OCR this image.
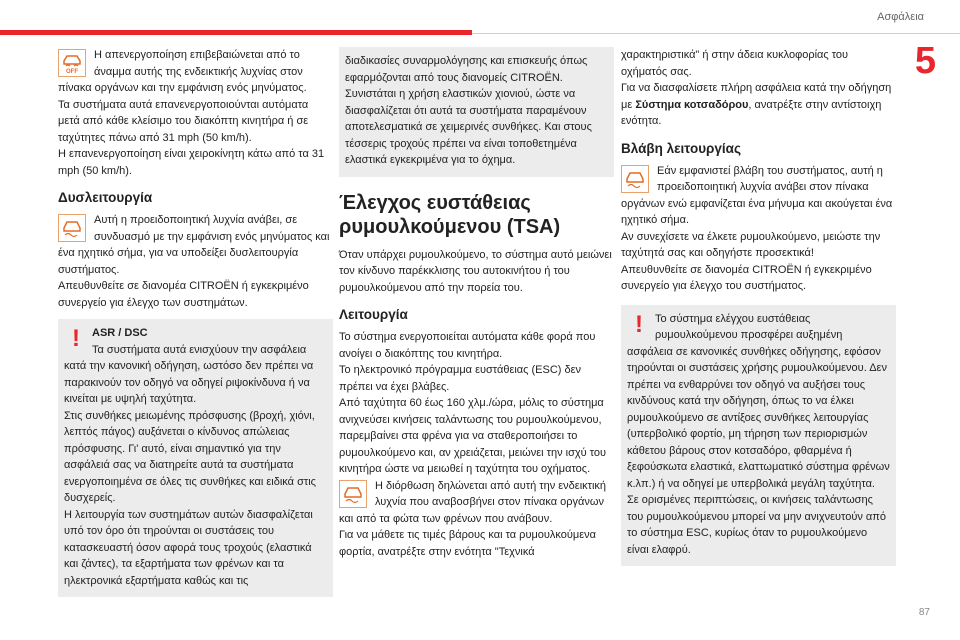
Ασφάλεια
5
87

OFF
Η απενεργοποίηση επιβεβαιώνεται από το άναμμα αυτής της ενδεικτικής λυχνίας στον πίνακα οργάνων και την εμφάνιση ενός μηνύματος.

Τα συστήματα αυτά επανενεργοποιούνται αυτόματα μετά από κάθε κλείσιμο του διακόπτη κινητήρα ή σε ταχύτητες πάνω από 31 mph (50 km/h).

Η επανενεργοποίηση είναι χειροκίνητη κάτω από τα 31 mph (50 km/h).

Δυσλειτουργία

Αυτή η προειδοποιητική λυχνία ανάβει, σε συνδυασμό με την εμφάνιση ενός μηνύματος και ένα ηχητικό σήμα, για να υποδείξει δυσλειτουργία συστήματος.

Απευθυνθείτε σε διανομέα CITROËN ή εγκεκριμένο συνεργείο για έλεγχο των συστημάτων.

!	ASR / DSC

Τα συστήματα αυτά ενισχύουν την ασφάλεια κατά την κανονική οδήγηση, ωστόσο δεν πρέπει να παρακινούν τον οδηγό να οδηγεί ριψοκίνδυνα ή να κινείται με υψηλή ταχύτητα.

Στις συνθήκες μειωμένης πρόσφυσης (βροχή, χιόνι, λεπτός πάγος) αυξάνεται ο κίνδυνος απώλειας πρόσφυσης. Γι' αυτό, είναι σημαντικό για την ασφάλειά σας να διατηρείτε αυτά τα συστήματα ενεργοποιημένα σε όλες τις συνθήκες και ειδικά στις δυσχερείς.

Η λειτουργία των συστημάτων αυτών διασφαλίζεται υπό τον όρο ότι τηρούνται οι συστάσεις του κατασκευαστή όσον αφορά τους τροχούς (ελαστικά και ζάντες), τα εξαρτήματα των φρένων και τα ηλεκτρονικά εξαρτήματα καθώς και τις

διαδικασίες συναρμολόγησης και επισκευής όπως εφαρμόζονται από τους διανομείς CITROËN. Συνιστάται η χρήση ελαστικών χιονιού, ώστε να διασφαλίζεται ότι αυτά τα συστήματα παραμένουν αποτελεσματικά σε χειμερινές συνθήκες. Και στους τέσσερις τροχούς πρέπει να είναι τοποθετημένα ελαστικά εγκεκριμένα για το όχημα.

Έλεγχος ευστάθειας ρυμουλκούμενου (TSA)

Όταν υπάρχει ρυμουλκούμενο, το σύστημα αυτό μειώνει τον κίνδυνο παρέκκλισης του αυτοκινήτου ή του ρυμουλκούμενου από την πορεία του.

Λειτουργία

Το σύστημα ενεργοποιείται αυτόματα κάθε φορά που ανοίγει ο διακόπτης του κινητήρα.

Το ηλεκτρονικό πρόγραμμα ευστάθειας (ESC) δεν πρέπει να έχει βλάβες.

Από ταχύτητα 60 έως 160 χλμ./ώρα, μόλις το σύστημα ανιχνεύσει κινήσεις ταλάντωσης του ρυμουλκούμενου, παρεμβαίνει στα φρένα για να σταθεροποιήσει το ρυμουλκούμενο και, αν χρειάζεται, μειώνει την ισχύ του κινητήρα ώστε να μειωθεί η ταχύτητα του οχήματος.

Η διόρθωση δηλώνεται από αυτή την ενδεικτική λυχνία που αναβοσβήνει στον πίνακα οργάνων και από τα φώτα των φρένων που ανάβουν.

Για να μάθετε τις τιμές βάρους και τα ρυμουλκούμενα φορτία, ανατρέξτε στην ενότητα "Τεχνικά

χαρακτηριστικά" ή στην άδεια κυκλοφορίας του οχήματός σας.

Για να διασφαλίσετε πλήρη ασφάλεια κατά την οδήγηση με Σύστημα κοτσαδόρου, ανατρέξτε στην αντίστοιχη ενότητα.

Βλάβη λειτουργίας

Εάν εμφανιστεί βλάβη του συστήματος, αυτή η προειδοποιητική λυχνία ανάβει στον πίνακα οργάνων ενώ εμφανίζεται ένα μήνυμα και ακούγεται ένα ηχητικό σήμα.

Αν συνεχίσετε να έλκετε ρυμουλκούμενο, μειώστε την ταχύτητά σας και οδηγήστε προσεκτικά!

Απευθυνθείτε σε διανομέα CITROËN ή εγκεκριμένο συνεργείο για έλεγχο του συστήματος.

!	Το σύστημα ελέγχου ευστάθειας ρυμουλκούμενου προσφέρει αυξημένη ασφάλεια σε κανονικές συνθήκες οδήγησης, εφόσον τηρούνται οι συστάσεις χρήσης ρυμουλκούμενου. Δεν πρέπει να ενθαρρύνει τον οδηγό να αυξήσει τους κινδύνους κατά την οδήγηση, όπως το να έλκει ρυμουλκούμενο σε αντίξοες συνθήκες λειτουργίας (υπερβολικό φορτίο, μη τήρηση των περιορισμών κάθετου βάρους στον κοτσαδόρο, φθαρμένα ή ξεφούσκωτα ελαστικά, ελαττωματικό σύστημα φρένων κ.λπ.) ή να οδηγεί με υπερβολικά μεγάλη ταχύτητα.

Σε ορισμένες περιπτώσεις, οι κινήσεις ταλάντωσης του ρυμουλκούμενου μπορεί να μην ανιχνευτούν από το σύστημα ESC, κυρίως όταν το ρυμουλκούμενο είναι ελαφρύ.
